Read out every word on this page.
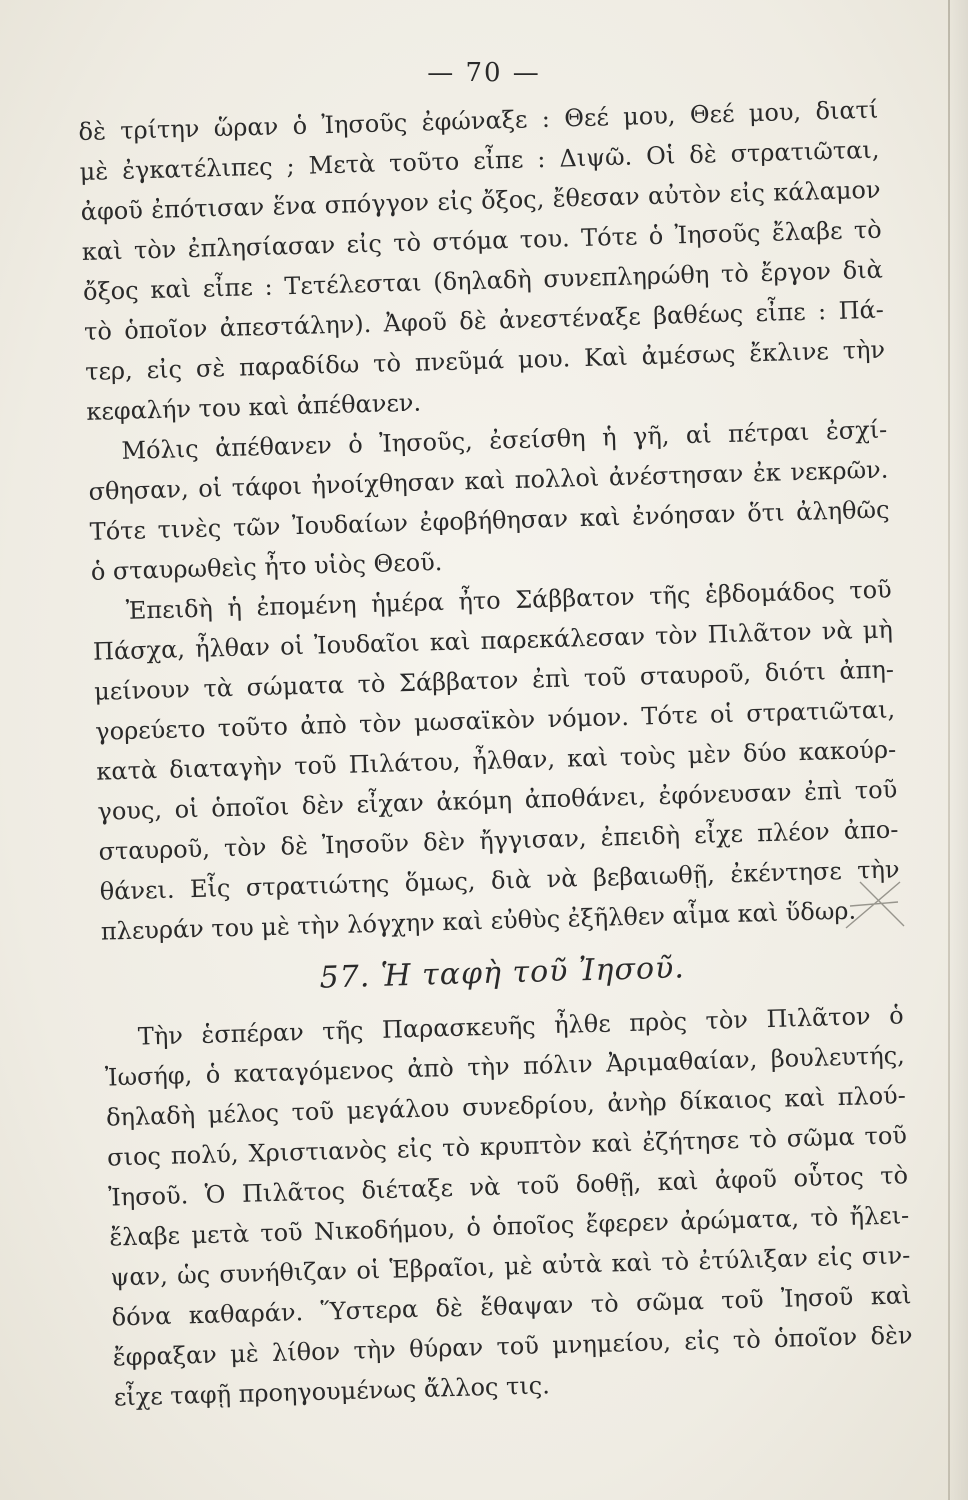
— 70 —
δὲ τρίτην ὥραν ὁ Ἰησοῦς ἐφώναξε : Θεέ μου, Θεέ μου, διατί
μὲ ἐγκατέλιπες ; Μετὰ τοῦτο εἶπε : Διψῶ. Οἱ δὲ στρατιῶται,
ἀφοῦ ἐπότισαν ἕνα σπόγγον εἰς ὄξος, ἔθεσαν αὐτὸν εἰς κάλαμον
καὶ τὸν ἐπλησίασαν εἰς τὸ στόμα του. Τότε ὁ Ἰησοῦς ἔλαβε τὸ
ὄξος καὶ εἶπε : Τετέλεσται (δηλαδὴ συνεπληρώθη τὸ ἔργον διὰ
τὸ ὁποῖον ἀπεστάλην). Ἀφοῦ δὲ ἀνεστέναξε βαθέως εἶπε : Πά-
τερ, εἰς σὲ παραδίδω τὸ πνεῦμά μου. Καὶ ἀμέσως ἔκλινε τὴν
κεφαλήν του καὶ ἀπέθανεν.
Μόλις ἀπέθανεν ὁ Ἰησοῦς, ἐσείσθη ἡ γῆ, αἱ πέτραι ἐσχί-
σθησαν, οἱ τάφοι ἠνοίχθησαν καὶ πολλοὶ ἀνέστησαν ἐκ νεκρῶν.
Τότε τινὲς τῶν Ἰουδαίων ἐφοβήθησαν καὶ ἐνόησαν ὅτι ἀληθῶς
ὁ σταυρωθεὶς ἦτο υἱὸς Θεοῦ.
Ἐπειδὴ ἡ ἐπομένη ἡμέρα ἦτο Σάββατον τῆς ἑβδομάδος τοῦ
Πάσχα, ἦλθαν οἱ Ἰουδαῖοι καὶ παρεκάλεσαν τὸν Πιλᾶτον νὰ μὴ
μείνουν τὰ σώματα τὸ Σάββατον ἐπὶ τοῦ σταυροῦ, διότι ἀπη-
γορεύετο τοῦτο ἀπὸ τὸν μωσαϊκὸν νόμον. Τότε οἱ στρατιῶται,
κατὰ διαταγὴν τοῦ Πιλάτου, ἦλθαν, καὶ τοὺς μὲν δύο κακούρ-
γους, οἱ ὁποῖοι δὲν εἶχαν ἀκόμη ἀποθάνει, ἐφόνευσαν ἐπὶ τοῦ
σταυροῦ, τὸν δὲ Ἰησοῦν δὲν ἤγγισαν, ἐπειδὴ εἶχε πλέον ἀπο-
θάνει. Εἷς στρατιώτης ὅμως, διὰ νὰ βεβαιωθῇ, ἐκέντησε τὴν
πλευράν του μὲ τὴν λόγχην καὶ εὐθὺς ἐξῆλθεν αἷμα καὶ ὕδωρ.
57. Ἡ ταφὴ τοῦ Ἰησοῦ.
Τὴν ἑσπέραν τῆς Παρασκευῆς ἦλθε πρὸς τὸν Πιλᾶτον ὁ
Ἰωσήφ, ὁ καταγόμενος ἀπὸ τὴν πόλιν Ἀριμαθαίαν, βουλευτής,
δηλαδὴ μέλος τοῦ μεγάλου συνεδρίου, ἀνὴρ δίκαιος καὶ πλού-
σιος πολύ, Χριστιανὸς εἰς τὸ κρυπτὸν καὶ ἐζήτησε τὸ σῶμα τοῦ
Ἰησοῦ. Ὁ Πιλᾶτος διέταξε νὰ τοῦ δοθῇ, καὶ ἀφοῦ οὗτος τὸ
ἔλαβε μετὰ τοῦ Νικοδήμου, ὁ ὁποῖος ἔφερεν ἀρώματα, τὸ ἤλει-
ψαν, ὡς συνήθιζαν οἱ Ἑβραῖοι, μὲ αὐτὰ καὶ τὸ ἐτύλιξαν εἰς σιν-
δόνα καθαράν. Ὕστερα δὲ ἔθαψαν τὸ σῶμα τοῦ Ἰησοῦ καὶ
ἔφραξαν μὲ λίθον τὴν θύραν τοῦ μνημείου, εἰς τὸ ὁποῖον δὲν
εἶχε ταφῇ προηγουμένως ἄλλος τις.
